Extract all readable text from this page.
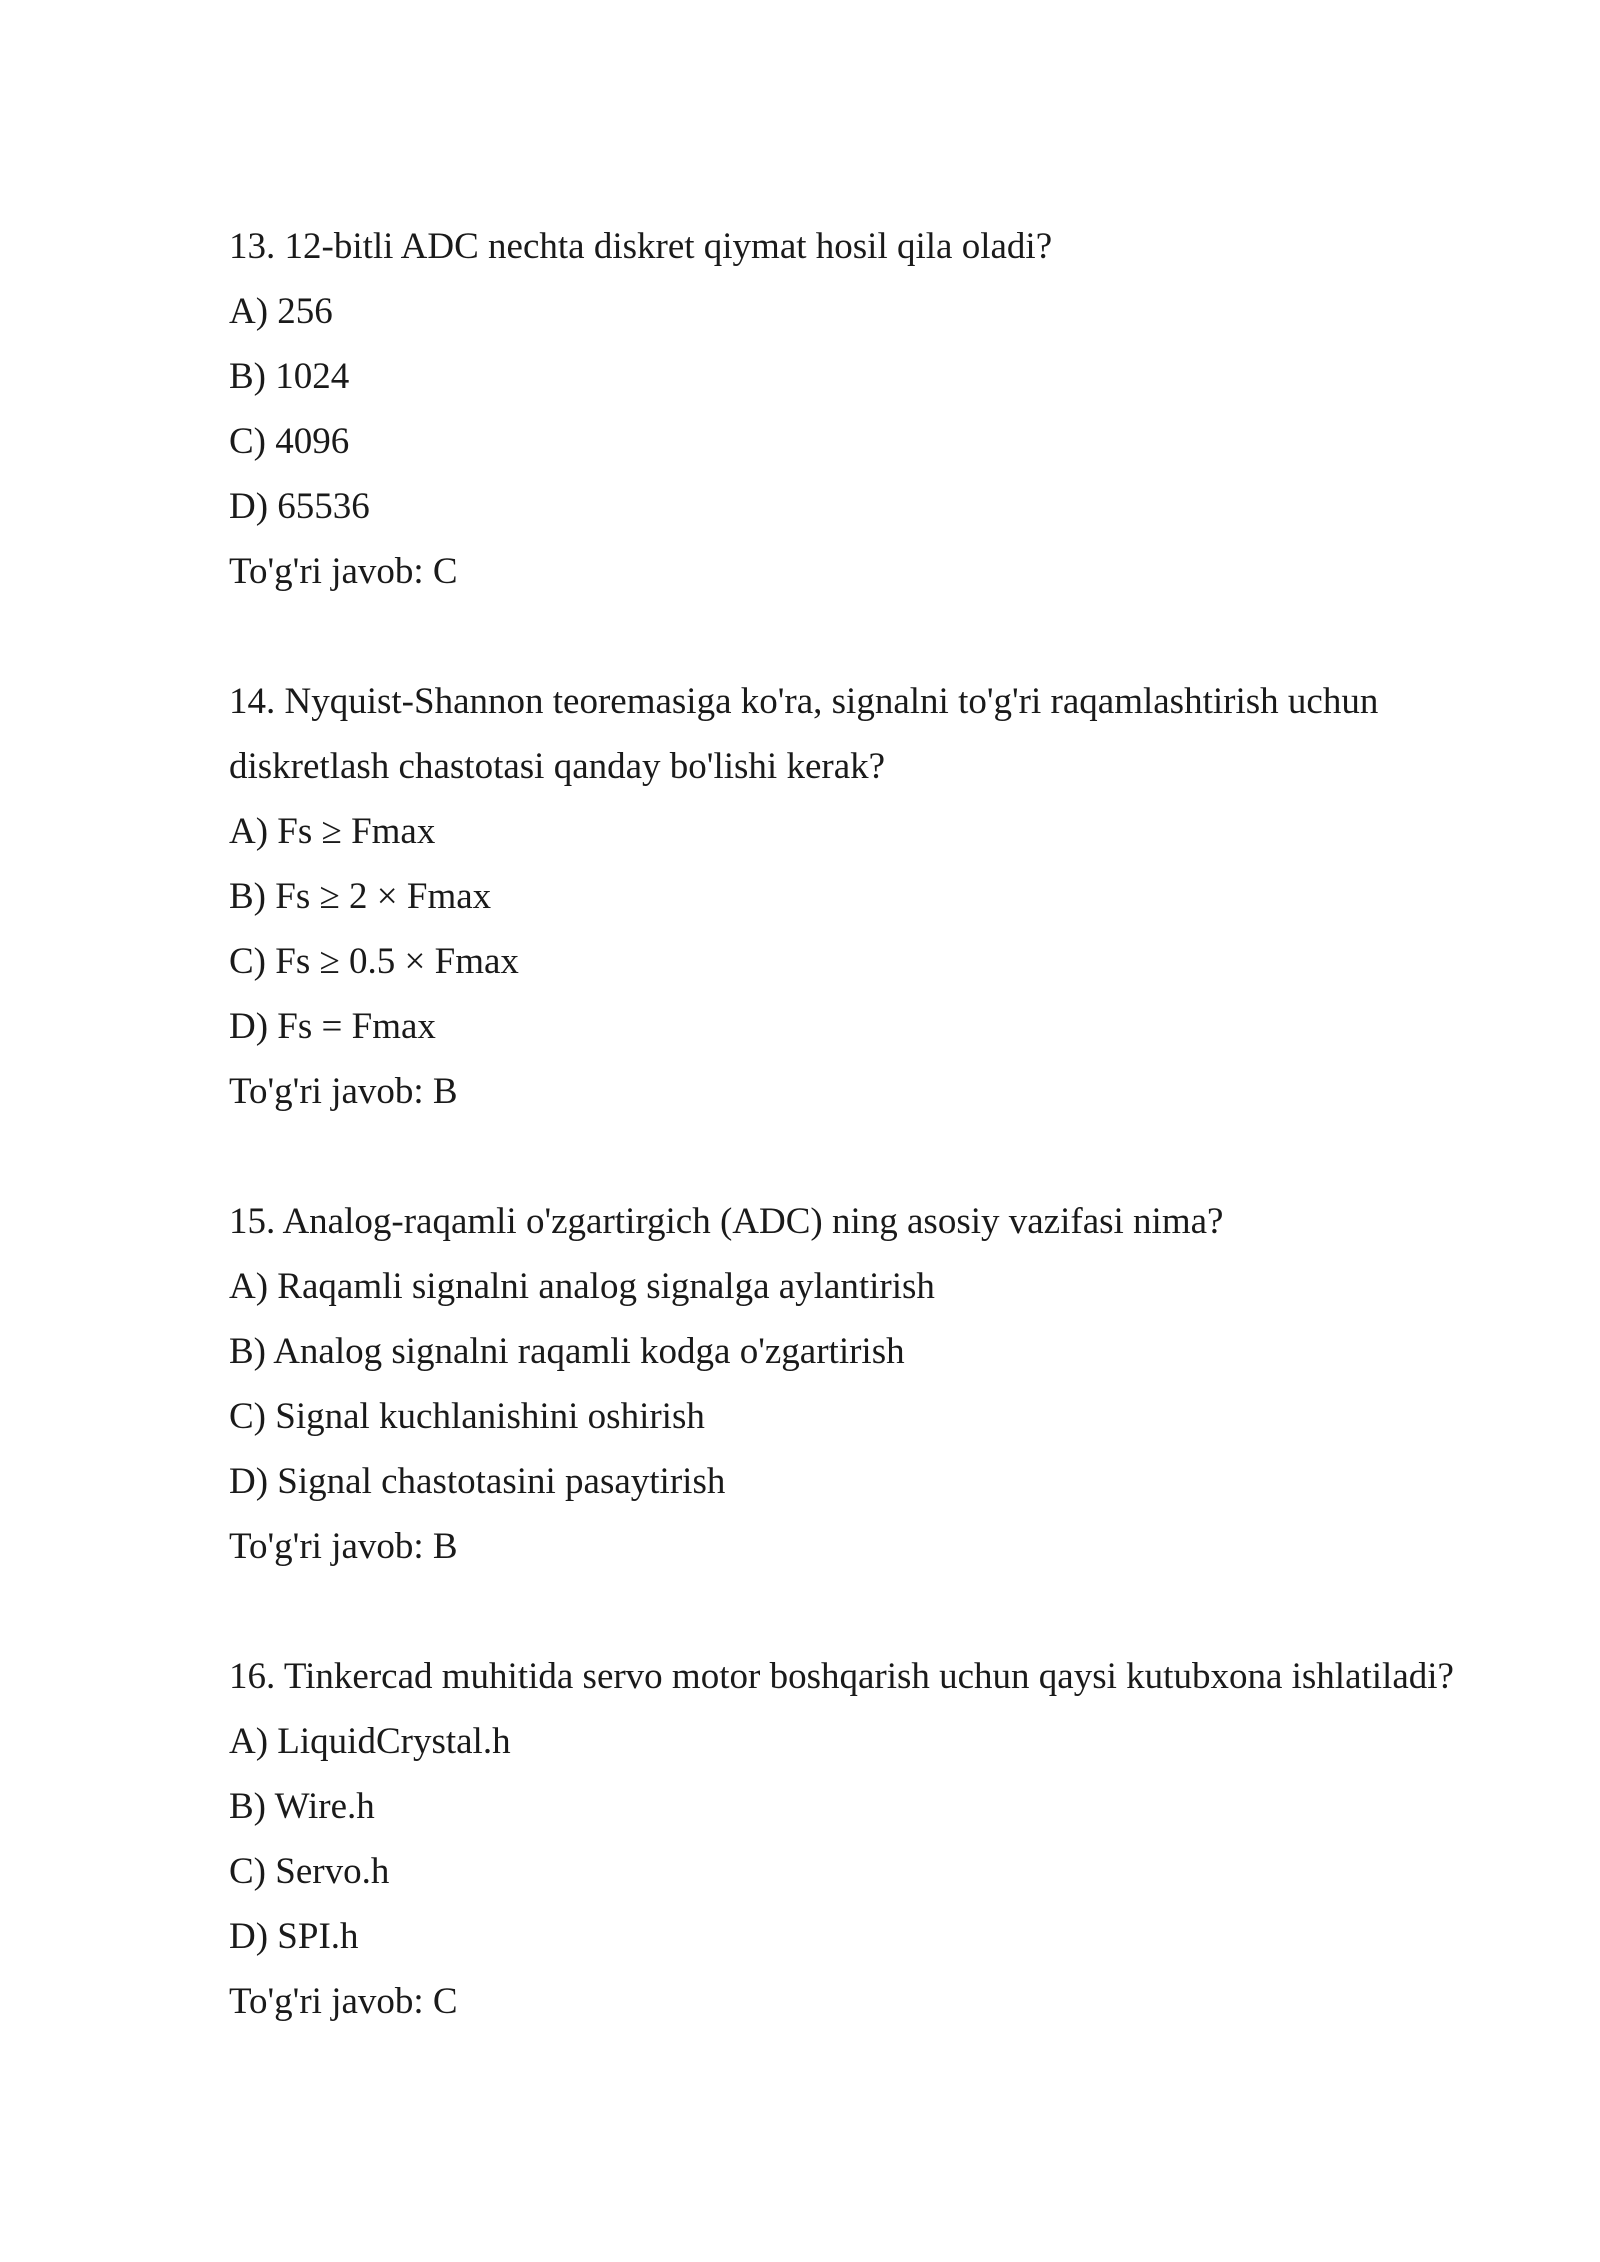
13. 12-bitli ADC nechta diskret qiymat hosil qila oladi?
A) 256
B) 1024
C) 4096
D) 65536
To'g'ri javob: C
14. Nyquist-Shannon teoremasiga ko'ra, signalni to'g'ri raqamlashtirish uchun diskretlash chastotasi qanday bo'lishi kerak?
A) Fs ≥ Fmax
B) Fs ≥ 2 × Fmax
C) Fs ≥ 0.5 × Fmax
D) Fs = Fmax
To'g'ri javob: B
15. Analog-raqamli o'zgartirgich (ADC) ning asosiy vazifasi nima?
A) Raqamli signalni analog signalga aylantirish
B) Analog signalni raqamli kodga o'zgartirish
C) Signal kuchlanishini oshirish
D) Signal chastotasini pasaytirish
To'g'ri javob: B
16. Tinkercad muhitida servo motor boshqarish uchun qaysi kutubxona ishlatiladi?
A) LiquidCrystal.h
B) Wire.h
C) Servo.h
D) SPI.h
To'g'ri javob: C
